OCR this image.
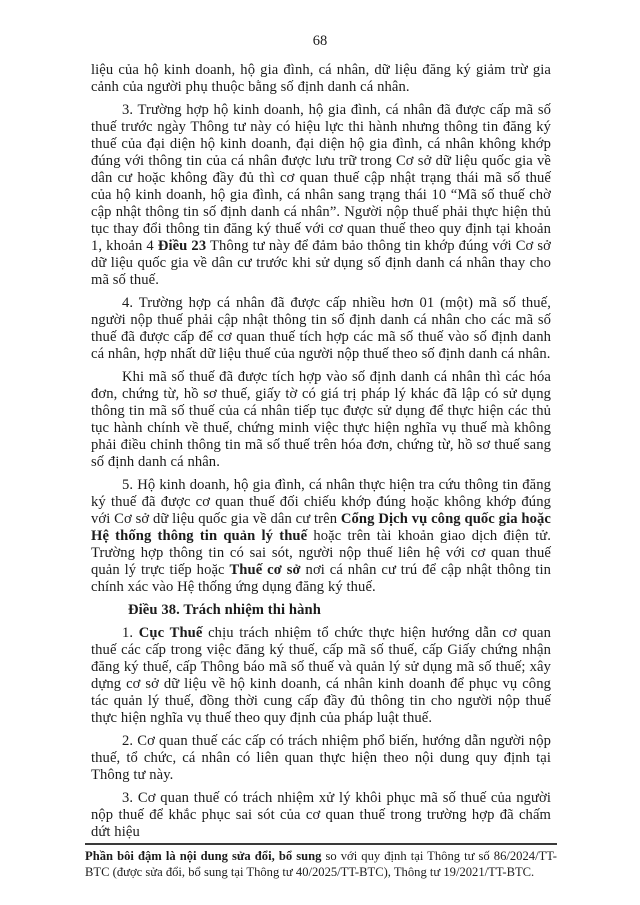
68

liệu của hộ kinh doanh, hộ gia đình, cá nhân, dữ liệu đăng ký giảm trừ gia cảnh của người phụ thuộc bằng số định danh cá nhân.

3. Trường hợp hộ kinh doanh, hộ gia đình, cá nhân đã được cấp mã số thuế trước ngày Thông tư này có hiệu lực thi hành nhưng thông tin đăng ký thuế của đại diện hộ kinh doanh, đại diện hộ gia đình, cá nhân không khớp đúng với thông tin của cá nhân được lưu trữ trong Cơ sở dữ liệu quốc gia về dân cư hoặc không đầy đủ thì cơ quan thuế cập nhật trạng thái mã số thuế của hộ kinh doanh, hộ gia đình, cá nhân sang trạng thái 10 “Mã số thuế chờ cập nhật thông tin số định danh cá nhân”. Người nộp thuế phải thực hiện thủ tục thay đổi thông tin đăng ký thuế với cơ quan thuế theo quy định tại khoản 1, khoản 4 Điều 23 Thông tư này để đảm bảo thông tin khớp đúng với Cơ sở dữ liệu quốc gia về dân cư trước khi sử dụng số định danh cá nhân thay cho mã số thuế.

4. Trường hợp cá nhân đã được cấp nhiều hơn 01 (một) mã số thuế, người nộp thuế phải cập nhật thông tin số định danh cá nhân cho các mã số thuế đã được cấp để cơ quan thuế tích hợp các mã số thuế vào số định danh cá nhân, hợp nhất dữ liệu thuế của người nộp thuế theo số định danh cá nhân.

Khi mã số thuế đã được tích hợp vào số định danh cá nhân thì các hóa đơn, chứng từ, hồ sơ thuế, giấy tờ có giá trị pháp lý khác đã lập có sử dụng thông tin mã số thuế của cá nhân tiếp tục được sử dụng để thực hiện các thủ tục hành chính về thuế, chứng minh việc thực hiện nghĩa vụ thuế mà không phải điều chỉnh thông tin mã số thuế trên hóa đơn, chứng từ, hồ sơ thuế sang số định danh cá nhân.

5. Hộ kinh doanh, hộ gia đình, cá nhân thực hiện tra cứu thông tin đăng ký thuế đã được cơ quan thuế đối chiếu khớp đúng hoặc không khớp đúng với Cơ sở dữ liệu quốc gia về dân cư trên Cổng Dịch vụ công quốc gia hoặc Hệ thống thông tin quản lý thuế hoặc trên tài khoản giao dịch điện tử. Trường hợp thông tin có sai sót, người nộp thuế liên hệ với cơ quan thuế quản lý trực tiếp hoặc Thuế cơ sở nơi cá nhân cư trú để cập nhật thông tin chính xác vào Hệ thống ứng dụng đăng ký thuế.

Điều 38. Trách nhiệm thi hành

1. Cục Thuế chịu trách nhiệm tổ chức thực hiện hướng dẫn cơ quan thuế các cấp trong việc đăng ký thuế, cấp mã số thuế, cấp Giấy chứng nhận đăng ký thuế, cấp Thông báo mã số thuế và quản lý sử dụng mã số thuế; xây dựng cơ sở dữ liệu về hộ kinh doanh, cá nhân kinh doanh để phục vụ công tác quản lý thuế, đồng thời cung cấp đầy đủ thông tin cho người nộp thuế thực hiện nghĩa vụ thuế theo quy định của pháp luật thuế.

2. Cơ quan thuế các cấp có trách nhiệm phổ biến, hướng dẫn người nộp thuế, tổ chức, cá nhân có liên quan thực hiện theo nội dung quy định tại Thông tư này.

3. Cơ quan thuế có trách nhiệm xử lý khôi phục mã số thuế của người nộp thuế để khắc phục sai sót của cơ quan thuế trong trường hợp đã chấm dứt hiệu

Phần bôi đậm là nội dung sửa đổi, bổ sung so với quy định tại Thông tư số 86/2024/TT-BTC (được sửa đổi, bổ sung tại Thông tư 40/2025/TT-BTC), Thông tư 19/2021/TT-BTC.
